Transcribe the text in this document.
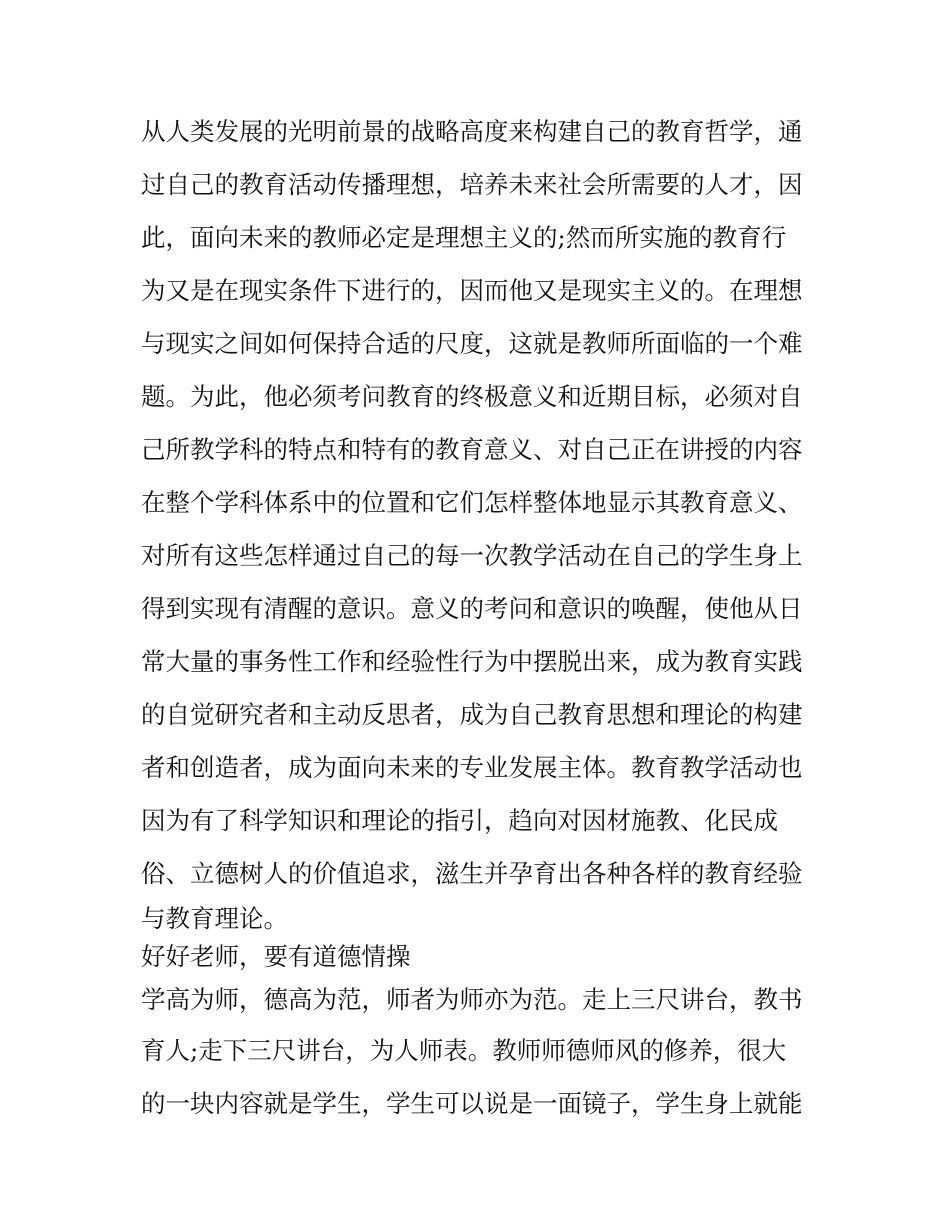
从人类发展的光明前景的战略高度来构建自己的教育哲学，通
过自己的教育活动传播理想，培养未来社会所需要的人才，因
此，面向未来的教师必定是理想主义的;然而所实施的教育行
为又是在现实条件下进行的，因而他又是现实主义的。在理想
与现实之间如何保持合适的尺度，这就是教师所面临的一个难
题。为此，他必须考问教育的终极意义和近期目标，必须对自
己所教学科的特点和特有的教育意义、对自己正在讲授的内容
在整个学科体系中的位置和它们怎样整体地显示其教育意义、
对所有这些怎样通过自己的每一次教学活动在自己的学生身上
得到实现有清醒的意识。意义的考问和意识的唤醒，使他从日
常大量的事务性工作和经验性行为中摆脱出来，成为教育实践
的自觉研究者和主动反思者，成为自己教育思想和理论的构建
者和创造者，成为面向未来的专业发展主体。教育教学活动也
因为有了科学知识和理论的指引，趋向对因材施教、化民成
俗、立德树人的价值追求，滋生并孕育出各种各样的教育经验
与教育理论。
好好老师，要有道德情操
学高为师，德高为范，师者为师亦为范。走上三尺讲台，教书
育人;走下三尺讲台，为人师表。教师师德师风的修养，很大
的一块内容就是学生，学生可以说是一面镜子，学生身上就能
